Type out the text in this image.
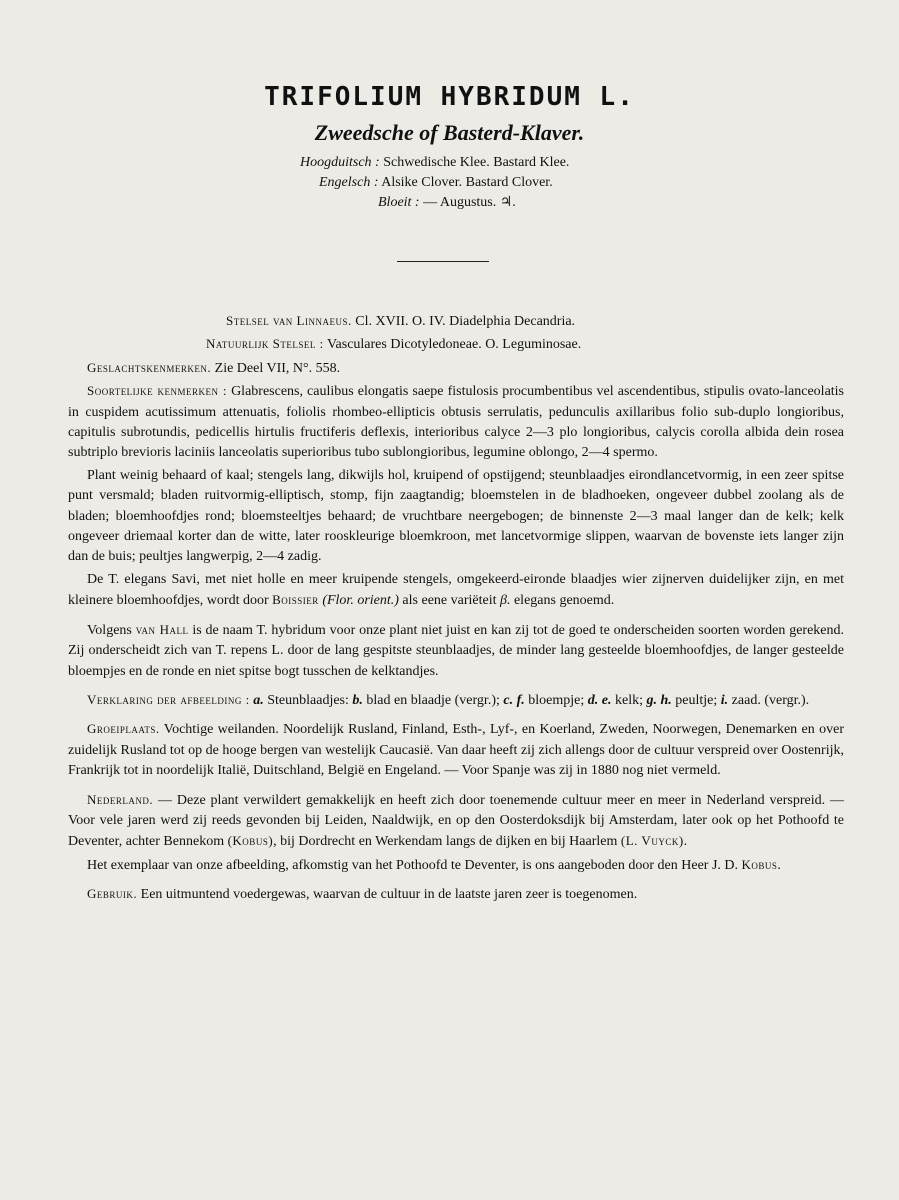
TRIFOLIUM HYBRIDUM L.
Zweedsche of Basterd-Klaver.
Hoogduitsch : Schwedische Klee. Bastard Klee.
Engelsch : Alsike Clover. Bastard Clover.
Bloeit : — Augustus. ♃.

Stelsel van Linnaeus. Cl. XVII. O. IV. Diadelphia Decandria.

Natuurlijk Stelsel : Vasculares Dicotyledoneae. O. Leguminosae.

Geslachtskenmerken. Zie Deel VII, N°. 558.

Soortelijke kenmerken : Glabrescens, caulibus elongatis saepe fistulosis procumbentibus vel ascendentibus, stipulis ovato-lanceolatis in cuspidem acutissimum attenuatis, foliolis rhombeo-ellipticis obtusis serrulatis, pedunculis axillaribus folio sub-duplo longioribus, capitulis subrotundis, pedicellis hirtulis fructiferis deflexis, interioribus calyce 2—3 plo longioribus, calycis corolla albida dein rosea subtriplo brevioris laciniis lanceolatis superioribus tubo sublongioribus, legumine oblongo, 2—4 spermo.

Plant weinig behaard of kaal; stengels lang, dikwijls hol, kruipend of opstijgend; steunblaadjes eirondlancetvormig, in een zeer spitse punt versmald; bladen ruitvormig-elliptisch, stomp, fijn zaagtandig; bloemstelen in de bladhoeken, ongeveer dubbel zoolang als de bladen; bloemhoofdjes rond; bloemsteeltjes behaard; de vruchtbare neergebogen; de binnenste 2—3 maal langer dan de kelk; kelk ongeveer driemaal korter dan de witte, later rooskleurige bloemkroon, met lancetvormige slippen, waarvan de bovenste iets langer zijn dan de buis; peultjes langwerpig, 2—4 zadig.

De T. elegans Savi, met niet holle en meer kruipende stengels, omgekeerd-eironde blaadjes wier zijnerven duidelijker zijn, en met kleinere bloemhoofdjes, wordt door Boissier (Flor. orient.) als eene variëteit β. elegans genoemd.

Volgens van Hall is de naam T. hybridum voor onze plant niet juist en kan zij tot de goed te onderscheiden soorten worden gerekend. Zij onderscheidt zich van T. repens L. door de lang gespitste steunblaadjes, de minder lang gesteelde bloemhoofdjes, de langer gesteelde bloempjes en de ronde en niet spitse bogt tusschen de kelktandjes.

Verklaring der afbeelding : a. Steunblaadjes: b. blad en blaadje (vergr.); c. f. bloempje; d. e. kelk; g. h. peultje; i. zaad. (vergr.).

Groeiplaats. Vochtige weilanden. Noordelijk Rusland, Finland, Esth-, Lyf-, en Koerland, Zweden, Noorwegen, Denemarken en over zuidelijk Rusland tot op de hooge bergen van westelijk Caucasië. Van daar heeft zij zich allengs door de cultuur verspreid over Oostenrijk, Frankrijk tot in noordelijk Italië, Duitschland, België en Engeland. — Voor Spanje was zij in 1880 nog niet vermeld.

Nederland. — Deze plant verwildert gemakkelijk en heeft zich door toenemende cultuur meer en meer in Nederland verspreid. — Voor vele jaren werd zij reeds gevonden bij Leiden, Naaldwijk, en op den Oosterdoksdijk bij Amsterdam, later ook op het Pothoofd te Deventer, achter Bennekom (Kobus), bij Dordrecht en Werkendam langs de dijken en bij Haarlem (L. Vuyck).

Het exemplaar van onze afbeelding, afkomstig van het Pothoofd te Deventer, is ons aangeboden door den Heer J. D. Kobus.

Gebruik. Een uitmuntend voedergewas, waarvan de cultuur in de laatste jaren zeer is toegenomen.
